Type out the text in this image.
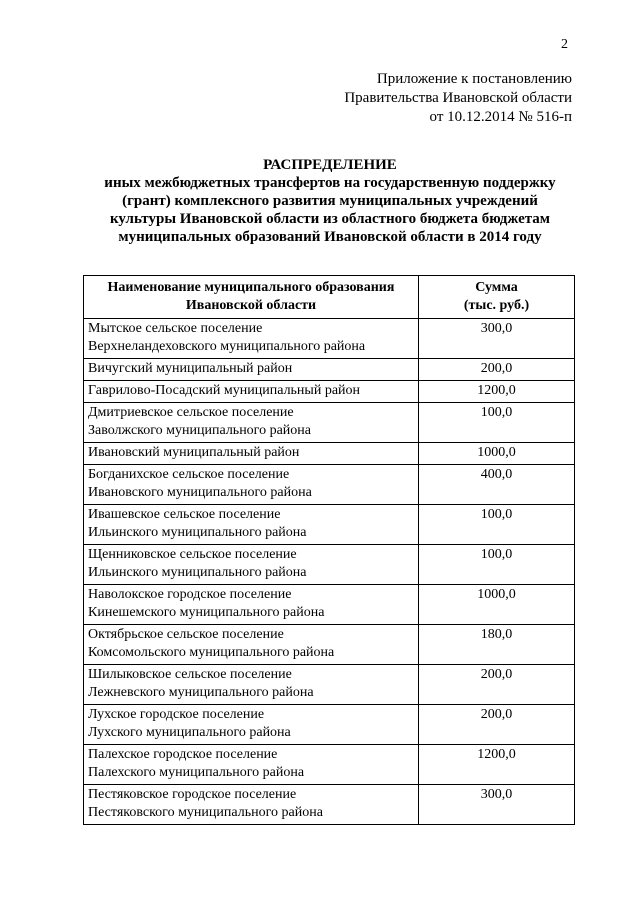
2
Приложение к постановлению
Правительства Ивановской области
от 10.12.2014 № 516-п
РАСПРЕДЕЛЕНИЕ
иных межбюджетных трансфертов на государственную поддержку
(грант) комплексного развития муниципальных учреждений
культуры Ивановской области из областного бюджета бюджетам
муниципальных образований Ивановской области в 2014 году
Наименование муниципального образования
Ивановской области	Сумма
(тыс. руб.)

Мытское сельское поселение
Верхнеландеховского муниципального района	300,0

Вичугский муниципальный район	200,0

Гаврилово-Посадский муниципальный район	1200,0

Дмитриевское сельское поселение
Заволжского муниципального района	100,0

Ивановский муниципальный район	1000,0

Богданихское сельское поселение
Ивановского муниципального района	400,0

Ивашевское сельское поселение
Ильинского муниципального района	100,0

Щенниковское сельское поселение
Ильинского муниципального района	100,0

Наволокское городское поселение
Кинешемского муниципального района	1000,0

Октябрьское сельское поселение
Комсомольского муниципального района	180,0

Шилыковское сельское поселение
Лежневского муниципального района	200,0

Лухское городское поселение
Лухского муниципального района	200,0

Палехское городское поселение
Палехского муниципального района	1200,0

Пестяковское городское поселение
Пестяковского муниципального района	300,0
